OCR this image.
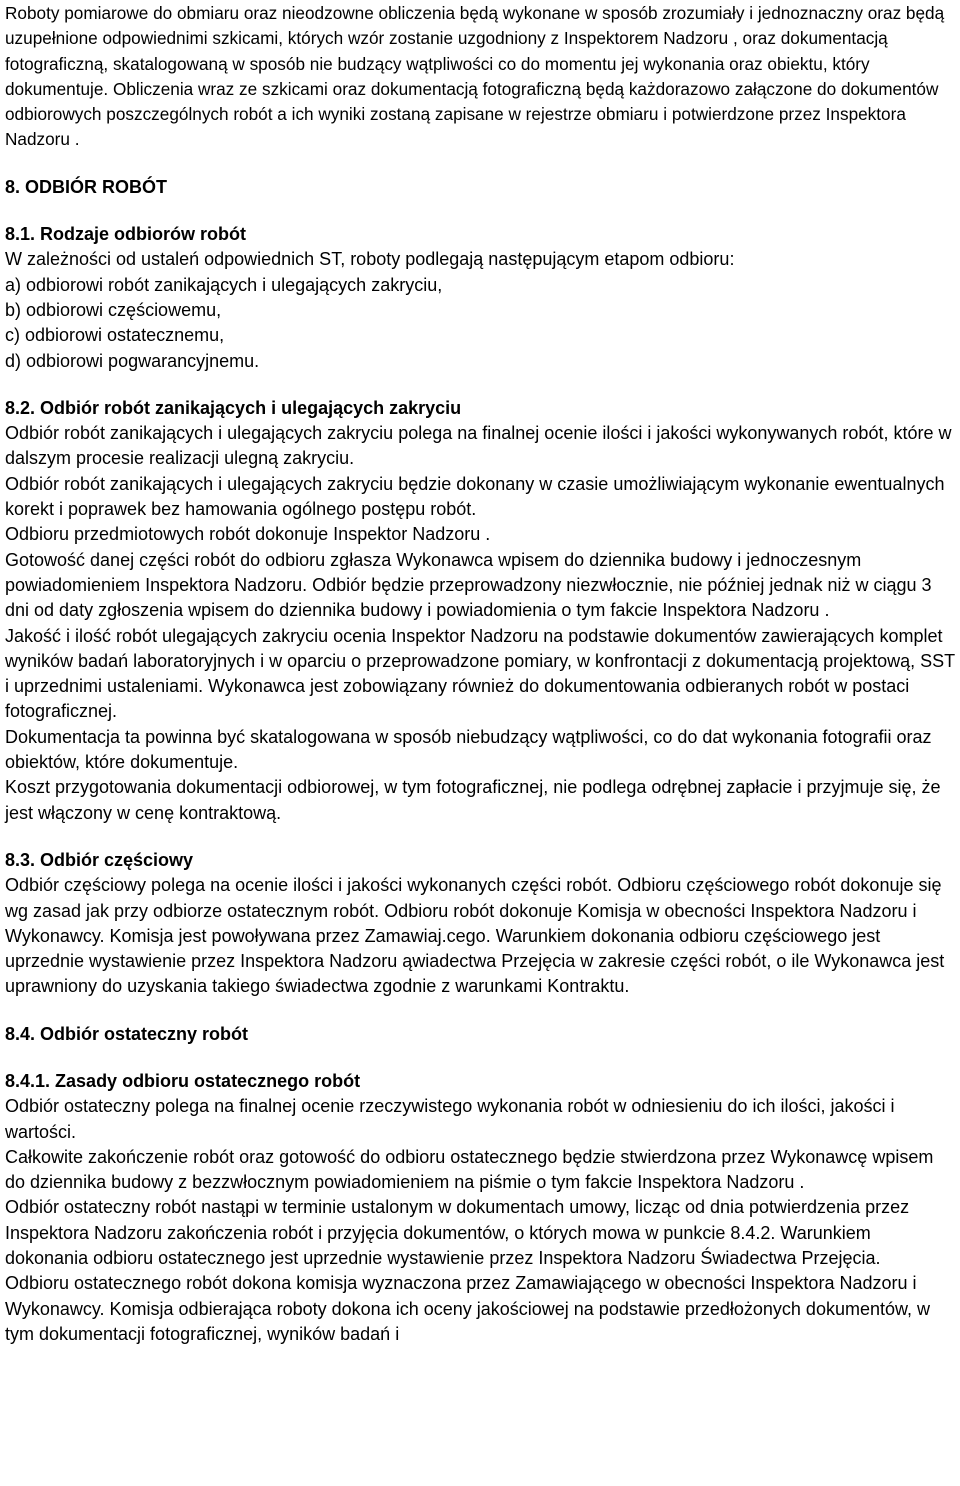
Roboty pomiarowe do obmiaru oraz nieodzowne obliczenia będą wykonane w sposób zrozumiały i jednoznaczny oraz będą uzupełnione odpowiednimi szkicami, których wzór zostanie uzgodniony z Inspektorem Nadzoru , oraz dokumentacją fotograficzną, skatalogowaną w sposób nie budzący wątpliwości co do momentu jej wykonania oraz obiektu, który dokumentuje. Obliczenia wraz ze szkicami oraz dokumentacją fotograficzną będą każdorazowo załączone do dokumentów odbiorowych poszczególnych robót a ich wyniki zostaną zapisane w rejestrze obmiaru i potwierdzone przez Inspektora Nadzoru .

8. ODBIÓR ROBÓT

8.1. Rodzaje odbiorów robót

W zależności od ustaleń odpowiednich ST, roboty podlegają następującym etapom odbioru:

a) odbiorowi robót zanikających i ulegających zakryciu,
b) odbiorowi częściowemu,
c) odbiorowi ostatecznemu,
d) odbiorowi pogwarancyjnemu.

8.2. Odbiór robót zanikających i ulegających zakryciu

Odbiór robót zanikających i ulegających zakryciu polega na finalnej ocenie ilości i jakości wykonywanych robót, które w dalszym procesie realizacji ulegną zakryciu.

Odbiór robót zanikających i ulegających zakryciu będzie dokonany w czasie umożliwiającym wykonanie ewentualnych korekt i poprawek bez hamowania ogólnego postępu robót.

Odbioru przedmiotowych robót dokonuje Inspektor Nadzoru .

Gotowość danej części robót do odbioru zgłasza Wykonawca wpisem do dziennika budowy i jednoczesnym powiadomieniem Inspektora Nadzoru. Odbiór będzie przeprowadzony niezwłocznie, nie później jednak niż w ciągu 3 dni od daty zgłoszenia wpisem do dziennika budowy i powiadomienia o tym fakcie Inspektora Nadzoru .

Jakość i ilość robót ulegających zakryciu ocenia Inspektor Nadzoru na podstawie dokumentów zawierających komplet wyników badań laboratoryjnych i w oparciu o przeprowadzone pomiary, w konfrontacji z dokumentacją projektową, SST i uprzednimi ustaleniami. Wykonawca jest zobowiązany również do dokumentowania odbieranych robót w postaci fotograficznej.

Dokumentacja ta powinna być skatalogowana w sposób niebudzący wątpliwości, co do dat wykonania fotografii oraz obiektów, które dokumentuje.

Koszt przygotowania dokumentacji odbiorowej, w tym fotograficznej, nie podlega odrębnej zapłacie i przyjmuje się, że jest włączony w cenę kontraktową.

8.3. Odbiór częściowy

Odbiór częściowy polega na ocenie ilości i jakości wykonanych części robót. Odbioru częściowego robót dokonuje się wg zasad jak przy odbiorze ostatecznym robót. Odbioru robót dokonuje Komisja w obecności Inspektora Nadzoru i Wykonawcy. Komisja jest powoływana przez Zamawiaj.cego. Warunkiem dokonania odbioru częściowego jest uprzednie wystawienie przez Inspektora Nadzoru ąwiadectwa Przejęcia w zakresie części robót, o ile Wykonawca jest uprawniony do uzyskania takiego świadectwa zgodnie z warunkami Kontraktu.

8.4. Odbiór ostateczny robót

8.4.1. Zasady odbioru ostatecznego robót

Odbiór ostateczny polega na finalnej ocenie rzeczywistego wykonania robót w odniesieniu do ich ilości, jakości i wartości.

Całkowite zakończenie robót oraz gotowość do odbioru ostatecznego będzie stwierdzona przez Wykonawcę wpisem do dziennika budowy z bezzwłocznym powiadomieniem na piśmie o tym fakcie Inspektora Nadzoru .

Odbiór ostateczny robót nastąpi w terminie ustalonym w dokumentach umowy, licząc od dnia potwierdzenia przez Inspektora Nadzoru zakończenia robót i przyjęcia dokumentów, o których mowa w punkcie 8.4.2. Warunkiem dokonania odbioru ostatecznego jest uprzednie wystawienie przez Inspektora Nadzoru Świadectwa Przejęcia.

Odbioru ostatecznego robót dokona komisja wyznaczona przez Zamawiającego w obecności Inspektora Nadzoru i Wykonawcy. Komisja odbierająca roboty dokona ich oceny jakościowej na podstawie przedłożonych dokumentów, w tym dokumentacji fotograficznej, wyników badań i
